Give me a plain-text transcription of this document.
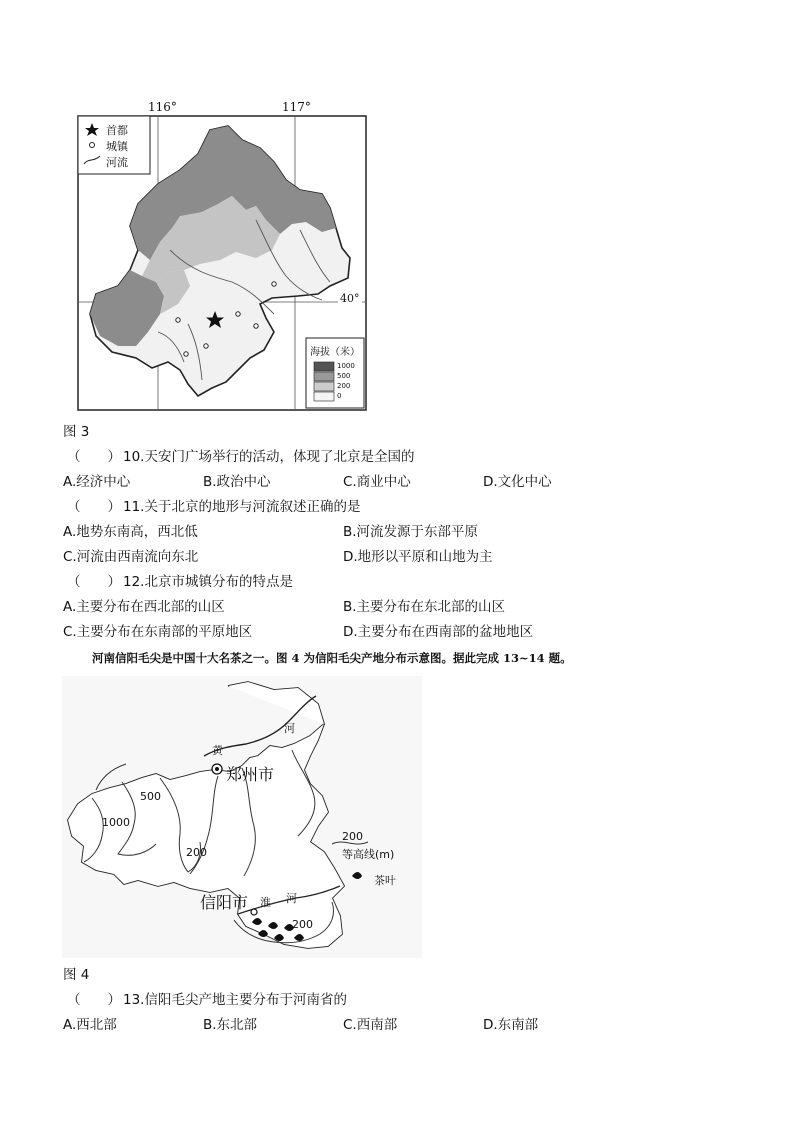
116°	117°
40°
首都
城镇
河流
海拔（米）
1000
500
200
0
图 3
（　　） 10.天安门广场举行的活动，体现了北京是全国的
A.经济中心	B.政治中心	C.商业中心	D.文化中心
（　　） 11.关于北京的地形与河流叙述正确的是
A.地势东南高，西北低	B.河流发源于东部平原
C.河流由西南流向东北	D.地形以平原和山地为主
（　　） 12.北京市城镇分布的特点是
A.主要分布在西北部的山区	B.主要分布在东北部的山区
C.主要分布在东南部的平原地区	D.主要分布在西南部的盆地地区
河南信阳毛尖是中国十大名茶之一。图 4 为信阳毛尖产地分布示意图。据此完成 13~14 题。
黄
河
郑州市
500
1000
200
200
等高线(m)
茶叶
信阳市 淮 河
200
图 4
（　　） 13.信阳毛尖产地主要分布于河南省的
A.西北部	B.东北部	C.西南部	D.东南部
